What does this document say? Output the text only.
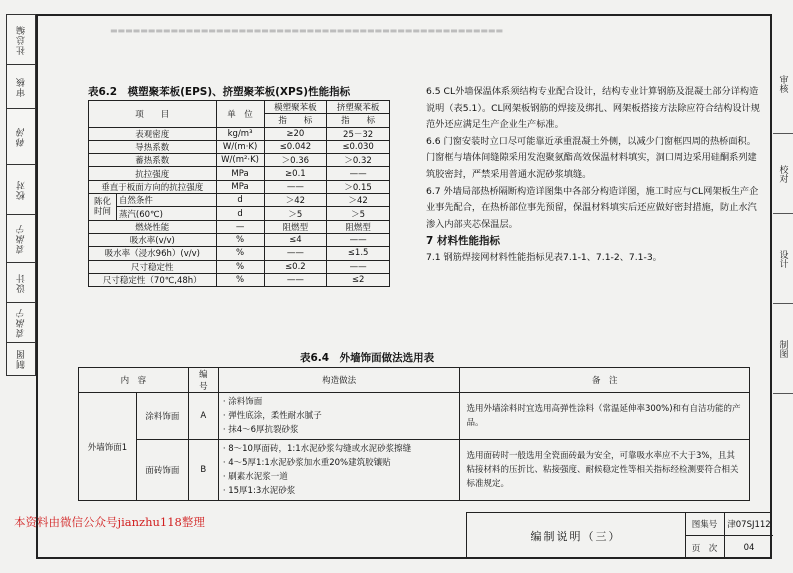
▬▬▬▬▬▬▬▬▬▬▬▬▬▬▬▬▬▬▬▬▬▬▬▬▬▬▬▬▬▬▬▬▬▬▬▬▬▬▬▬▬▬▬▬▬▬▬▬▬▬▬▬
社总编
审核
韩涛
校对
袁淑宁
设计
袁淑宁
制图
审核
校对
设计
制图
表6.2　模塑聚苯板(EPS)、挤塑聚苯板(XPS)性能指标
项　　目		单　位	模塑聚苯板	挤塑聚苯板
			指　　标	指　　标
表观密度		kg/m³	≥20	25－32
导热系数		W/(m·K)	≤0.042	≤0.030
蓄热系数		W/(m²·K)	＞0.36	＞0.32
抗拉强度		MPa	≥0.1	——
垂直于板面方向的抗拉强度		MPa	——	＞0.15
陈化时间	自然条件	d	＞42	＞42
	蒸汽(60℃)	d	＞5	＞5
燃烧性能		—	阻燃型	阻燃型
吸水率(v/v)		%	≤4	——
吸水率（浸水96h）(v/v)		%	——	≤1.5
尺寸稳定性		%	≤0.2	——
尺寸稳定性（70℃,48h）		%	——	≤2

6.5 CL外墙保温体系须结构专业配合设计，结构专业计算钢筋及混凝土部分详构造说明（表5.1）。CL网架板钢筋的焊接及绑扎、网架板搭接方法除应符合结构设计规范外还应满足生产企业生产标准。

6.6 门窗安装时立口尽可能靠近承重混凝土外侧，以减少门窗框四周的热桥面积。门窗框与墙体间缝隙采用发泡聚氨酯高效保温材料填实，洞口周边采用硅酮系列建筑胶密封，严禁采用普通水泥砂浆填缝。

6.7 外墙局部热桥隔断构造详图集中各部分构造详图，施工时应与CL网架板生产企业事先配合，在热桥部位事先预留，保温材料填实后还应做好密封措施，防止水汽渗入内部夹芯保温层。

7 材料性能指标

7.1 钢筋焊接网材料性能指标见表7.1-1、7.1-2、7.1-3。

表6.4　外墙饰面做法选用表
内　容		编　号	构造做法	备　注
外墙饰面1	涂料饰面	A	· 涂料饰面
· 弹性底涂，柔性耐水腻子
· 抹4～6厚抗裂砂浆	选用外墙涂料时宜选用高弹性涂料（常温延伸率300%)和有自洁功能的产品。
	面砖饰面	B	· 8～10厚面砖，1:1水泥砂浆勾缝或水泥砂浆擦缝
· 4～5厚1:1水泥砂浆加水重20%建筑胶镶贴
· 刷素水泥浆一道
· 15厚1:3水泥砂浆	选用面砖时一般选用全瓷面砖最为安全，可靠吸水率应不大于3%，且其粘接材料的压折比、粘接强度、耐候稳定性等相关指标经检测要符合相关标准规定。
本资料由微信公众号jianzhu118整理
编制说明（三）
图集号	津07SJ112
页　次	04
